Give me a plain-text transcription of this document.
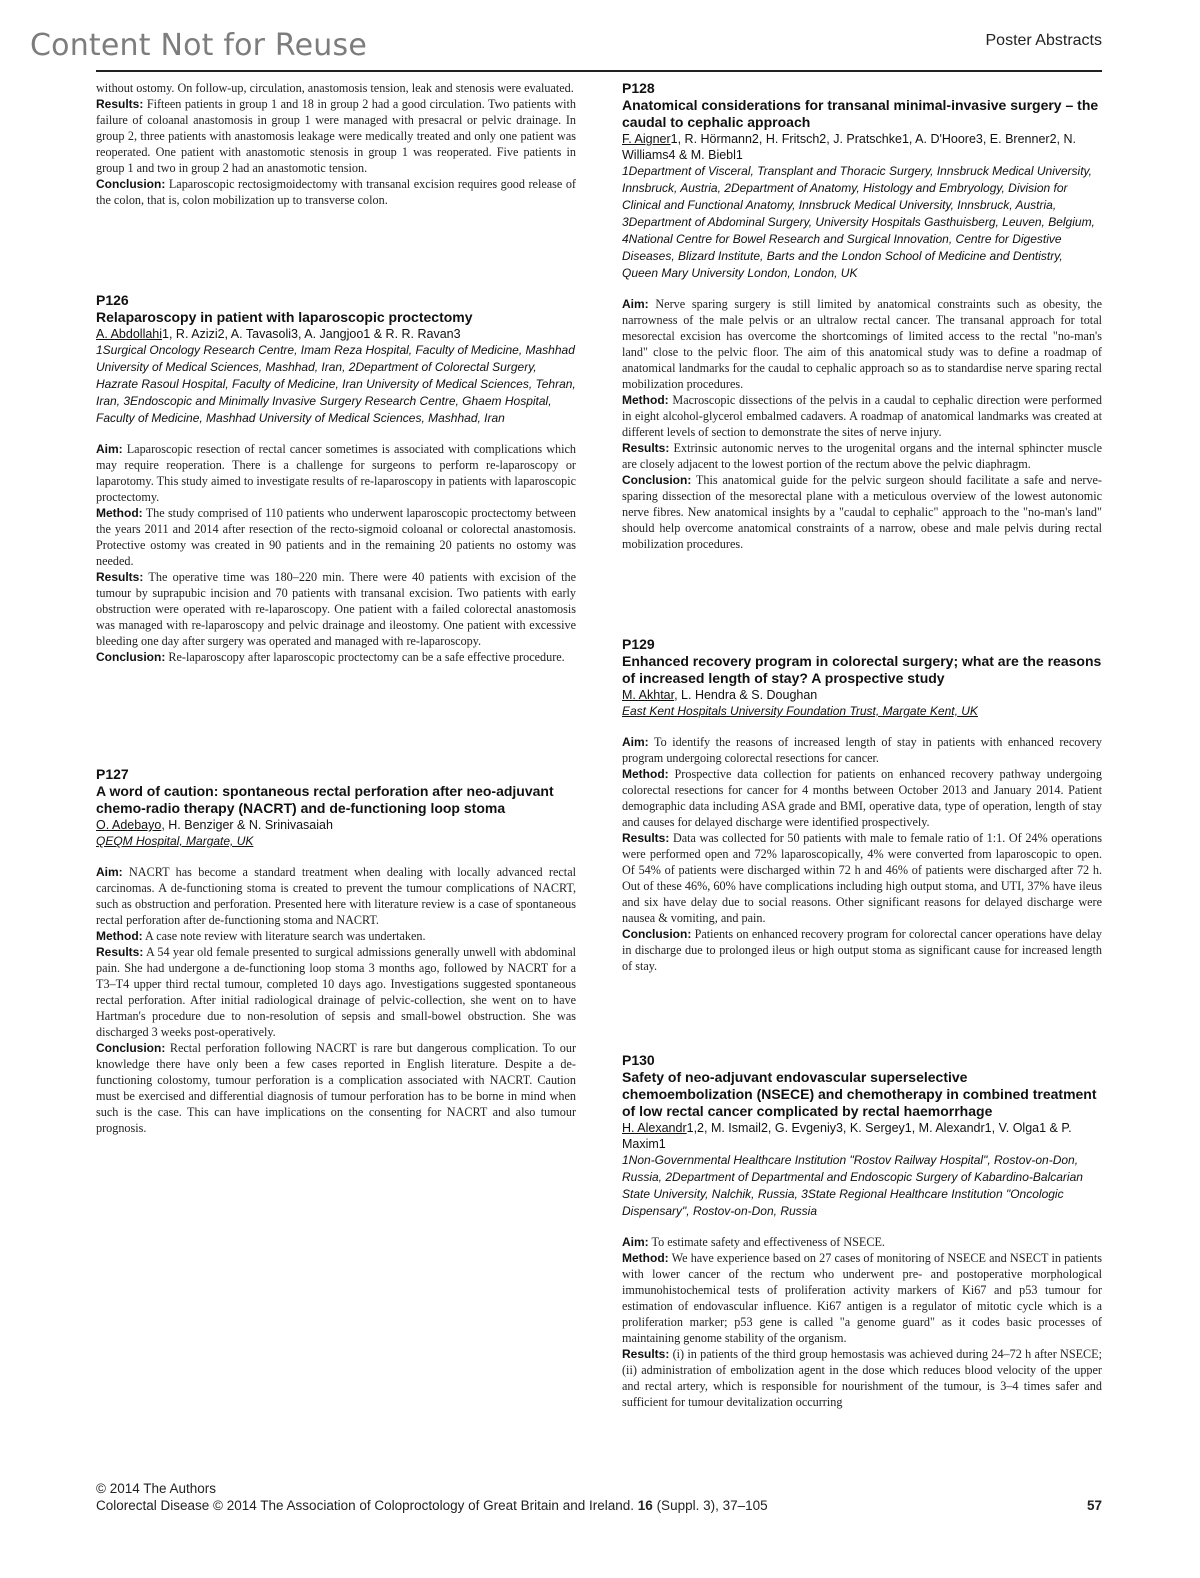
Content Not for Reuse	Poster Abstracts

without ostomy. On follow-up, circulation, anastomosis tension, leak and stenosis were evaluated.

Results: Fifteen patients in group 1 and 18 in group 2 had a good circulation. Two patients with failure of coloanal anastomosis in group 1 were managed with presacral or pelvic drainage. In group 2, three patients with anastomosis leakage were medically treated and only one patient was reoperated. One patient with anastomotic stenosis in group 1 was reoperated. Five patients in group 1 and two in group 2 had an anastomotic tension.

Conclusion: Laparoscopic rectosigmoidectomy with transanal excision requires good release of the colon, that is, colon mobilization up to transverse colon.

P126
Relaparoscopy in patient with laparoscopic proctectomy
A. Abdollahi1, R. Azizi2, A. Tavasoli3, A. Jangjoo1 & R. R. Ravan3
1Surgical Oncology Research Centre, Imam Reza Hospital, Faculty of Medicine, Mashhad University of Medical Sciences, Mashhad, Iran, 2Department of Colorectal Surgery, Hazrate Rasoul Hospital, Faculty of Medicine, Iran University of Medical Sciences, Tehran, Iran, 3Endoscopic and Minimally Invasive Surgery Research Centre, Ghaem Hospital, Faculty of Medicine, Mashhad University of Medical Sciences, Mashhad, Iran

Aim: Laparoscopic resection of rectal cancer sometimes is associated with complications which may require reoperation. There is a challenge for surgeons to perform re-laparoscopy or laparotomy. This study aimed to investigate results of re-laparoscopy in patients with laparoscopic proctectomy.

Method: The study comprised of 110 patients who underwent laparoscopic proctectomy between the years 2011 and 2014 after resection of the recto-sigmoid coloanal or colorectal anastomosis. Protective ostomy was created in 90 patients and in the remaining 20 patients no ostomy was needed.

Results: The operative time was 180–220 min. There were 40 patients with excision of the tumour by suprapubic incision and 70 patients with transanal excision. Two patients with early obstruction were operated with re-laparoscopy. One patient with a failed colorectal anastomosis was managed with re-laparoscopy and pelvic drainage and ileostomy. One patient with excessive bleeding one day after surgery was operated and managed with re-laparoscopy.

Conclusion: Re-laparoscopy after laparoscopic proctectomy can be a safe effective procedure.

P127
A word of caution: spontaneous rectal perforation after neo-adjuvant chemo-radio therapy (NACRT) and de-functioning loop stoma
O. Adebayo, H. Benziger & N. Srinivasaiah
QEQM Hospital, Margate, UK

Aim: NACRT has become a standard treatment when dealing with locally advanced rectal carcinomas. A de-functioning stoma is created to prevent the tumour complications of NACRT, such as obstruction and perforation. Presented here with literature review is a case of spontaneous rectal perforation after de-functioning stoma and NACRT.

Method: A case note review with literature search was undertaken.

Results: A 54 year old female presented to surgical admissions generally unwell with abdominal pain. She had undergone a de-functioning loop stoma 3 months ago, followed by NACRT for a T3–T4 upper third rectal tumour, completed 10 days ago. Investigations suggested spontaneous rectal perforation. After initial radiological drainage of pelvic-collection, she went on to have Hartman's procedure due to non-resolution of sepsis and small-bowel obstruction. She was discharged 3 weeks post-operatively.

Conclusion: Rectal perforation following NACRT is rare but dangerous complication. To our knowledge there have only been a few cases reported in English literature. Despite a de-functioning colostomy, tumour perforation is a complication associated with NACRT. Caution must be exercised and differential diagnosis of tumour perforation has to be borne in mind when such is the case. This can have implications on the consenting for NACRT and also tumour prognosis.

P128
Anatomical considerations for transanal minimal-invasive surgery – the caudal to cephalic approach
F. Aigner1, R. Hörmann2, H. Fritsch2, J. Pratschke1, A. D'Hoore3, E. Brenner2, N. Williams4 & M. Biebl1
1Department of Visceral, Transplant and Thoracic Surgery, Innsbruck Medical University, Innsbruck, Austria, 2Department of Anatomy, Histology and Embryology, Division for Clinical and Functional Anatomy, Innsbruck Medical University, Innsbruck, Austria, 3Department of Abdominal Surgery, University Hospitals Gasthuisberg, Leuven, Belgium, 4National Centre for Bowel Research and Surgical Innovation, Centre for Digestive Diseases, Blizard Institute, Barts and the London School of Medicine and Dentistry, Queen Mary University London, London, UK

Aim: Nerve sparing surgery is still limited by anatomical constraints such as obesity, the narrowness of the male pelvis or an ultralow rectal cancer. The transanal approach for total mesorectal excision has overcome the shortcomings of limited access to the rectal "no-man's land" close to the pelvic floor. The aim of this anatomical study was to define a roadmap of anatomical landmarks for the caudal to cephalic approach so as to standardise nerve sparing rectal mobilization procedures.

Method: Macroscopic dissections of the pelvis in a caudal to cephalic direction were performed in eight alcohol-glycerol embalmed cadavers. A roadmap of anatomical landmarks was created at different levels of section to demonstrate the sites of nerve injury.

Results: Extrinsic autonomic nerves to the urogenital organs and the internal sphincter muscle are closely adjacent to the lowest portion of the rectum above the pelvic diaphragm.

Conclusion: This anatomical guide for the pelvic surgeon should facilitate a safe and nerve-sparing dissection of the mesorectal plane with a meticulous overview of the lowest autonomic nerve fibres. New anatomical insights by a "caudal to cephalic" approach to the "no-man's land" should help overcome anatomical constraints of a narrow, obese and male pelvis during rectal mobilization procedures.

P129
Enhanced recovery program in colorectal surgery; what are the reasons of increased length of stay? A prospective study
M. Akhtar, L. Hendra & S. Doughan
East Kent Hospitals University Foundation Trust, Margate Kent, UK

Aim: To identify the reasons of increased length of stay in patients with enhanced recovery program undergoing colorectal resections for cancer.

Method: Prospective data collection for patients on enhanced recovery pathway undergoing colorectal resections for cancer for 4 months between October 2013 and January 2014. Patient demographic data including ASA grade and BMI, operative data, type of operation, length of stay and causes for delayed discharge were identified prospectively.

Results: Data was collected for 50 patients with male to female ratio of 1:1. Of 24% operations were performed open and 72% laparoscopically, 4% were converted from laparoscopic to open. Of 54% of patients were discharged within 72 h and 46% of patients were discharged after 72 h. Out of these 46%, 60% have complications including high output stoma, and UTI, 37% have ileus and six have delay due to social reasons. Other significant reasons for delayed discharge were nausea & vomiting, and pain.

Conclusion: Patients on enhanced recovery program for colorectal cancer operations have delay in discharge due to prolonged ileus or high output stoma as significant cause for increased length of stay.

P130
Safety of neo-adjuvant endovascular superselective chemoembolization (NSECE) and chemotherapy in combined treatment of low rectal cancer complicated by rectal haemorrhage
H. Alexandr1,2, M. Ismail2, G. Evgeniy3, K. Sergey1, M. Alexandr1, V. Olga1 & P. Maxim1
1Non-Governmental Healthcare Institution "Rostov Railway Hospital", Rostov-on-Don, Russia, 2Department of Departmental and Endoscopic Surgery of Kabardino-Balcarian State University, Nalchik, Russia, 3State Regional Healthcare Institution "Oncologic Dispensary", Rostov-on-Don, Russia

Aim: To estimate safety and effectiveness of NSECE.

Method: We have experience based on 27 cases of monitoring of NSECE and NSECT in patients with lower cancer of the rectum who underwent pre- and postoperative morphological immunohistochemical tests of proliferation activity markers of Ki67 and p53 tumour for estimation of endovascular influence. Ki67 antigen is a regulator of mitotic cycle which is a proliferation marker; p53 gene is called "a genome guard" as it codes basic processes of maintaining genome stability of the organism.

Results: (i) in patients of the third group hemostasis was achieved during 24–72 h after NSECE; (ii) administration of embolization agent in the dose which reduces blood velocity of the upper and rectal artery, which is responsible for nourishment of the tumour, is 3–4 times safer and sufficient for tumour devitalization occurring

© 2014 The Authors
Colorectal Disease © 2014 The Association of Coloproctology of Great Britain and Ireland. 16 (Suppl. 3), 37–105	57
